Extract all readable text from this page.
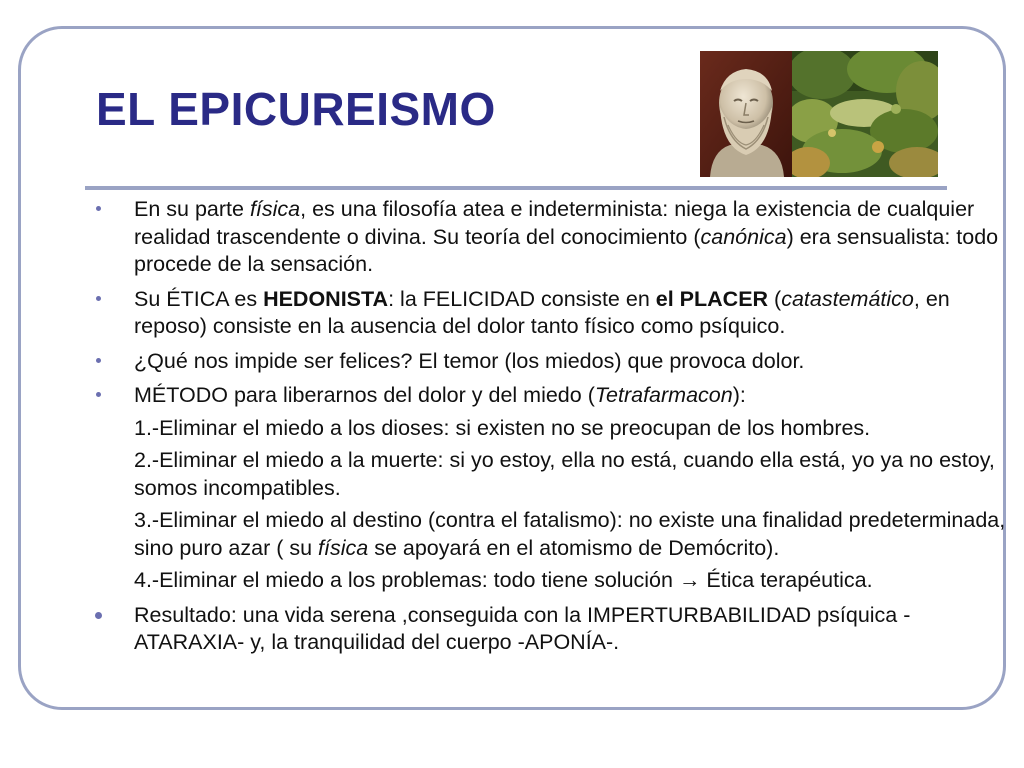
EL EPICUREISMO
En su parte física, es una filosofía atea e indeterminista: niega la existencia de cualquier realidad trascendente o divina. Su teoría del conocimiento (canónica) era sensualista: todo procede de la sensación.
Su ÉTICA es HEDONISTA: la FELICIDAD consiste en el PLACER (catastemático, en reposo) consiste en la ausencia del dolor tanto físico como psíquico.
¿Qué nos impide ser felices? El temor (los miedos) que provoca dolor.
MÉTODO para liberarnos del dolor y del miedo (Tetrafarmacon):
1.-Eliminar el miedo a los dioses: si existen no se preocupan de los hombres.
2.-Eliminar el miedo a la muerte: si yo estoy, ella no está, cuando ella está, yo ya no estoy, somos incompatibles.
3.-Eliminar el miedo al destino (contra el fatalismo): no existe una finalidad predeterminada, sino puro azar ( su física se apoyará en el atomismo de Demócrito).
4.-Eliminar el miedo a los problemas: todo tiene solución → Ética terapéutica.
Resultado: una vida serena ,conseguida con la IMPERTURBABILIDAD psíquica -ATARAXIA- y, la tranquilidad del cuerpo -APONÍA-.
